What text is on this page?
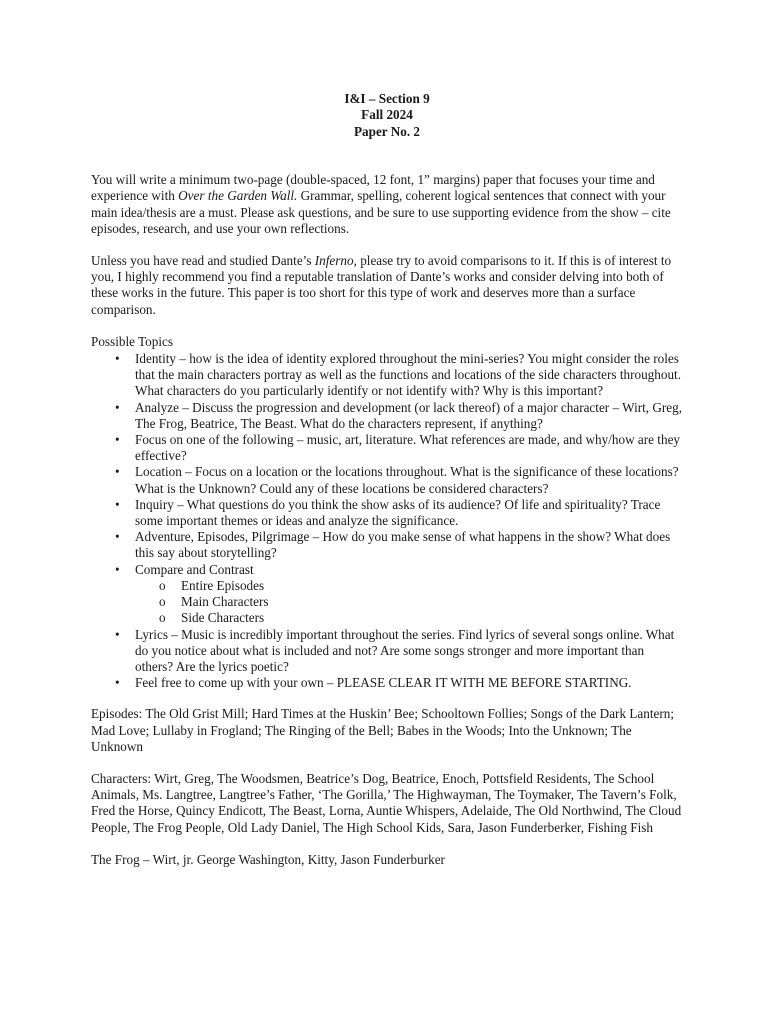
I&I – Section 9
Fall 2024
Paper No. 2

You will write a minimum two-page (double-spaced, 12 font, 1” margins) paper that focuses your time and experience with Over the Garden Wall. Grammar, spelling, coherent logical sentences that connect with your main idea/thesis are a must. Please ask questions, and be sure to use supporting evidence from the show – cite episodes, research, and use your own reflections.

Unless you have read and studied Dante’s Inferno, please try to avoid comparisons to it. If this is of interest to you, I highly recommend you find a reputable translation of Dante’s works and consider delving into both of these works in the future. This paper is too short for this type of work and deserves more than a surface comparison.

Possible Topics

• Identity – how is the idea of identity explored throughout the mini-series? You might consider the roles that the main characters portray as well as the functions and locations of the side characters throughout. What characters do you particularly identify or not identify with? Why is this important?
• Analyze – Discuss the progression and development (or lack thereof) of a major character – Wirt, Greg, The Frog, Beatrice, The Beast. What do the characters represent, if anything?
• Focus on one of the following – music, art, literature. What references are made, and why/how are they effective?
• Location – Focus on a location or the locations throughout. What is the significance of these locations? What is the Unknown? Could any of these locations be considered characters?
• Inquiry – What questions do you think the show asks of its audience? Of life and spirituality? Trace some important themes or ideas and analyze the significance.
• Adventure, Episodes, Pilgrimage – How do you make sense of what happens in the show? What does this say about storytelling?
• Compare and Contrast
o Entire Episodes
o Main Characters
o Side Characters
• Lyrics – Music is incredibly important throughout the series. Find lyrics of several songs online. What do you notice about what is included and not? Are some songs stronger and more important than others? Are the lyrics poetic?
• Feel free to come up with your own – PLEASE CLEAR IT WITH ME BEFORE STARTING.

Episodes: The Old Grist Mill; Hard Times at the Huskin’ Bee; Schooltown Follies; Songs of the Dark Lantern; Mad Love; Lullaby in Frogland; The Ringing of the Bell; Babes in the Woods; Into the Unknown; The Unknown

Characters: Wirt, Greg, The Woodsmen, Beatrice’s Dog, Beatrice, Enoch, Pottsfield Residents, The School Animals, Ms. Langtree, Langtree’s Father, ‘The Gorilla,’ The Highwayman, The Toymaker, The Tavern’s Folk, Fred the Horse, Quincy Endicott, The Beast, Lorna, Auntie Whispers, Adelaide, The Old Northwind, The Cloud People, The Frog People, Old Lady Daniel, The High School Kids, Sara, Jason Funderberker, Fishing Fish

The Frog – Wirt, jr. George Washington, Kitty, Jason Funderburker
